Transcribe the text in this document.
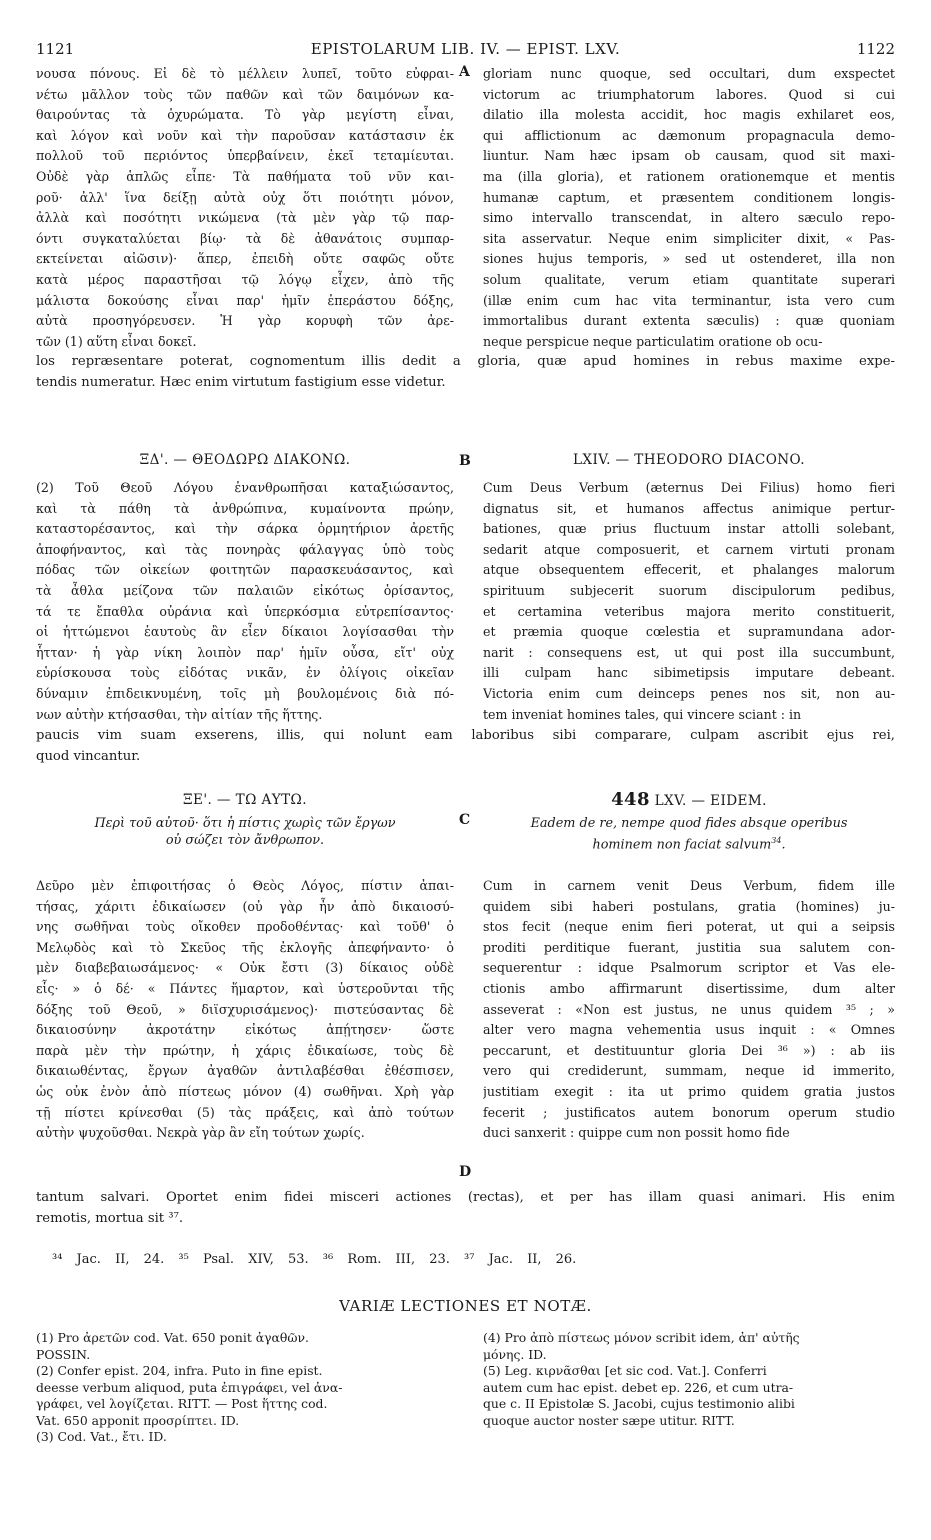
1121	EPISTOLARUM LIB. IV. — EPIST. LXV.	1122
νουσα πόνους. Εἰ δὲ τὸ μέλλειν λυπεῖ, τοῦτο εὐφραι-
νέτω μᾶλλον τοὺς τῶν παθῶν καὶ τῶν δαιμόνων κα-
θαιρούντας τὰ ὀχυρώματα. Τὸ γὰρ μεγίστη εἶναι,
καὶ λόγον καὶ νοῦν καὶ τὴν παροῦσαν κατάστασιν ἐκ
πολλοῦ τοῦ περιόντος ὑπερβαίνειν, ἐκεῖ τεταμίευται.
Οὐδὲ γὰρ ἁπλῶς εἶπε· Τὰ παθήματα τοῦ νῦν και-
ροῦ· ἀλλ' ἵνα δείξῃ αὐτὰ οὐχ ὅτι ποιότητι μόνον,
ἀλλὰ καὶ ποσότητι νικώμενα (τὰ μὲν γὰρ τῷ παρ-
όντι συγκαταλύεται βίῳ· τὰ δὲ ἀθανάτοις συμπαρ-
εκτείνεται αἰῶσιν)· ἅπερ, ἐπειδὴ οὔτε σαφῶς οὔτε
κατὰ μέρος παραστῆσαι τῷ λόγῳ εἶχεν, ἀπὸ τῆς
μάλιστα δοκούσης εἶναι παρ' ἡμῖν ἐπεράστου δόξης,
αὐτὰ προσηγόρευσεν. Ἡ γὰρ κορυφὴ τῶν ἀρε-
τῶν (1) αὕτη εἶναι δοκεῖ.
gloriam nunc quoque, sed occultari, dum exspectet
victorum ac triumphatorum labores. Quod si cui
dilatio illa molesta accidit, hoc magis exhilaret eos,
qui afflictionum ac dæmonum propagnacula demo-
liuntur. Nam hæc ipsam ob causam, quod sit maxi-
ma (illa gloria), et rationem orationemque et mentis
humanæ captum, et præsentem conditionem longis-
simo intervallo transcendat, in altero sæculo repo-
sita asservatur. Neque enim simpliciter dixit, « Pas-
siones hujus temporis, » sed ut ostenderet, illa non
solum qualitate, verum etiam quantitate superari
(illæ enim cum hac vita terminantur, ista vero cum
immortalibus durant extenta sæculis) : quæ quoniam
neque perspicue neque particulatim oratione ob ocu-
A
los repræsentare poterat, cognomentum illis dedit a gloria, quæ apud homines in rebus maxime expe-
tendis numeratur. Hæc enim virtutum fastigium esse videtur.
ΞΔ'. — ΘΕΟΔΩΡΩ ΔΙΑΚΟΝΩ.	B	LXIV. — THEODORO DIACONO.
(2) Τοῦ Θεοῦ Λόγου ἐνανθρωπῆσαι καταξιώσαντος,
καὶ τὰ πάθη τὰ ἀνθρώπινα, κυμαίνοντα πρώην,
καταστορέσαντος, καὶ τὴν σάρκα ὁρμητήριον ἀρετῆς
ἀποφήναντος, καὶ τὰς πονηρὰς φάλαγγας ὑπὸ τοὺς
πόδας τῶν οἰκείων φοιτητῶν παρασκευάσαντος, καὶ
τὰ ἆθλα μείζονα τῶν παλαιῶν εἰκότως ὁρίσαντος,
τά τε ἔπαθλα οὐράνια καὶ ὑπερκόσμια εὐτρεπίσαντος·
οἱ ἡττώμενοι ἑαυτοὺς ἂν εἶεν δίκαιοι λογίσασθαι τὴν
ἧτταν· ἡ γὰρ νίκη λοιπὸν παρ' ἡμῖν οὖσα, εἴτ' οὐχ
εὑρίσκουσα τοὺς εἰδότας νικᾶν, ἐν ὀλίγοις οἰκεῖαν
δύναμιν ἐπιδεικνυμένη, τοῖς μὴ βουλομένοις διὰ πό-
νων αὐτὴν κτήσασθαι, τὴν αἰτίαν τῆς ἥττης.
Cum Deus Verbum (æternus Dei Filius) homo fieri
dignatus sit, et humanos affectus animique pertur-
bationes, quæ prius fluctuum instar attolli solebant,
sedarit atque composuerit, et carnem virtuti pronam
atque obsequentem effecerit, et phalanges malorum
spirituum subjecerit suorum discipulorum pedibus,
et certamina veteribus majora merito constituerit,
et præmia quoque cœlestia et supramundana ador-
narit : consequens est, ut qui post illa succumbunt,
illi culpam hanc sibimetipsis imputare debeant.
Victoria enim cum deinceps penes nos sit, non au-
tem inveniat homines tales, qui vincere sciant : in
paucis vim suam exserens, illis, qui nolunt eam laboribus sibi comparare, culpam ascribit ejus rei,
quod vincantur.
ΞΕ'. — ΤΩ ΑΥΤΩ.
C
448 LXV. — EIDEM.
Περὶ τοῦ αὐτοῦ· ὅτι ἡ πίστις χωρὶς τῶν ἔργων
οὐ σώζει τὸν ἄνθρωπον.
Eadem de re, nempe quod fides absque operibus
hominem non faciat salvum$^{34}$.
Δεῦρο μὲν ἐπιφοιτήσας ὁ Θεὸς Λόγος, πίστιν ἀπαι-
τήσας, χάριτι ἐδικαίωσεν (οὐ γὰρ ἦν ἀπὸ δικαιοσύ-
νης σωθῆναι τοὺς οἴκοθεν προδοθέντας· καὶ τοῦθ' ὁ
Μελῳδὸς καὶ τὸ Σκεῦος τῆς ἐκλογῆς ἀπεφήναντο· ὁ
μὲν διαβεβαιωσάμενος· « Οὐκ ἔστι (3) δίκαιος οὐδὲ
εἷς· » ὁ δέ· « Πάντες ἥμαρτον, καὶ ὑστεροῦνται τῆς
δόξης τοῦ Θεοῦ, » διϊσχυρισάμενος)· πιστεύσαντας δὲ
δικαιοσύνην ἀκροτάτην εἰκότως ἀπῄτησεν· ὥστε
παρὰ μὲν τὴν πρώτην, ἡ χάρις ἐδικαίωσε, τοὺς δὲ
δικαιωθέντας, ἔργων ἀγαθῶν ἀντιλαβέσθαι ἐθέσπισεν,
ὡς οὐκ ἐνὸν ἀπὸ πίστεως μόνον (4) σωθῆναι. Χρὴ γὰρ
τῇ πίστει κρίνεσθαι (5) τὰς πράξεις, καὶ ἀπὸ τούτων
αὐτὴν ψυχοῦσθαι. Νεκρὰ γὰρ ἂν εἴη τούτων χωρίς.
Cum in carnem venit Deus Verbum, fidem ille
quidem sibi haberi postulans, gratia (homines) ju-
stos fecit (neque enim fieri poterat, ut qui a seipsis
proditi perditique fuerant, justitia sua salutem con-
sequerentur : idque Psalmorum scriptor et Vas ele-
ctionis ambo affirmarunt disertissime, dum alter
asseverat : «Non est justus, ne unus quidem ³⁵ ; »
alter vero magna vehementia usus inquit : « Omnes
peccarunt, et destituuntur gloria Dei ³⁶ ») : ab iis
vero qui crediderunt, summam, neque id immerito,
justitiam exegit : ita ut primo quidem gratia justos
fecerit ; justificatos autem bonorum operum studio
duci sanxerit : quippe cum non possit homo fide
D
tantum salvari. Oportet enim fidei misceri actiones (rectas), et per has illam quasi animari. His enim
remotis, mortua sit ³⁷.
³⁴ Jac. II, 24. ³⁵ Psal. XIV, 53. ³⁶ Rom. III, 23. ³⁷ Jac. II, 26.
VARIÆ LECTIONES ET NOTÆ.
(1) Pro ἀρετῶν cod. Vat. 650 ponit ἀγαθῶν.
POSSIN.
(2) Confer epist. 204, infra. Puto in fine epist.
deesse verbum aliquod, puta ἐπιγράφει, vel ἀνα-
γράφει, vel λογίζεται. RITT. — Post ἥττης cod.
Vat. 650 apponit προσρίπτει. ID.
(3) Cod. Vat., ἔτι. ID.
(4) Pro ἀπὸ πίστεως μόνον scribit idem, ἀπ' αὐτῆς
μόνης. ID.
(5) Leg. κιρνᾶσθαι [et sic cod. Vat.]. Conferri
autem cum hac epist. debet ep. 226, et cum utra-
que c. II Epistolæ S. Jacobi, cujus testimonio alibi
quoque auctor noster sæpe utitur. RITT.
